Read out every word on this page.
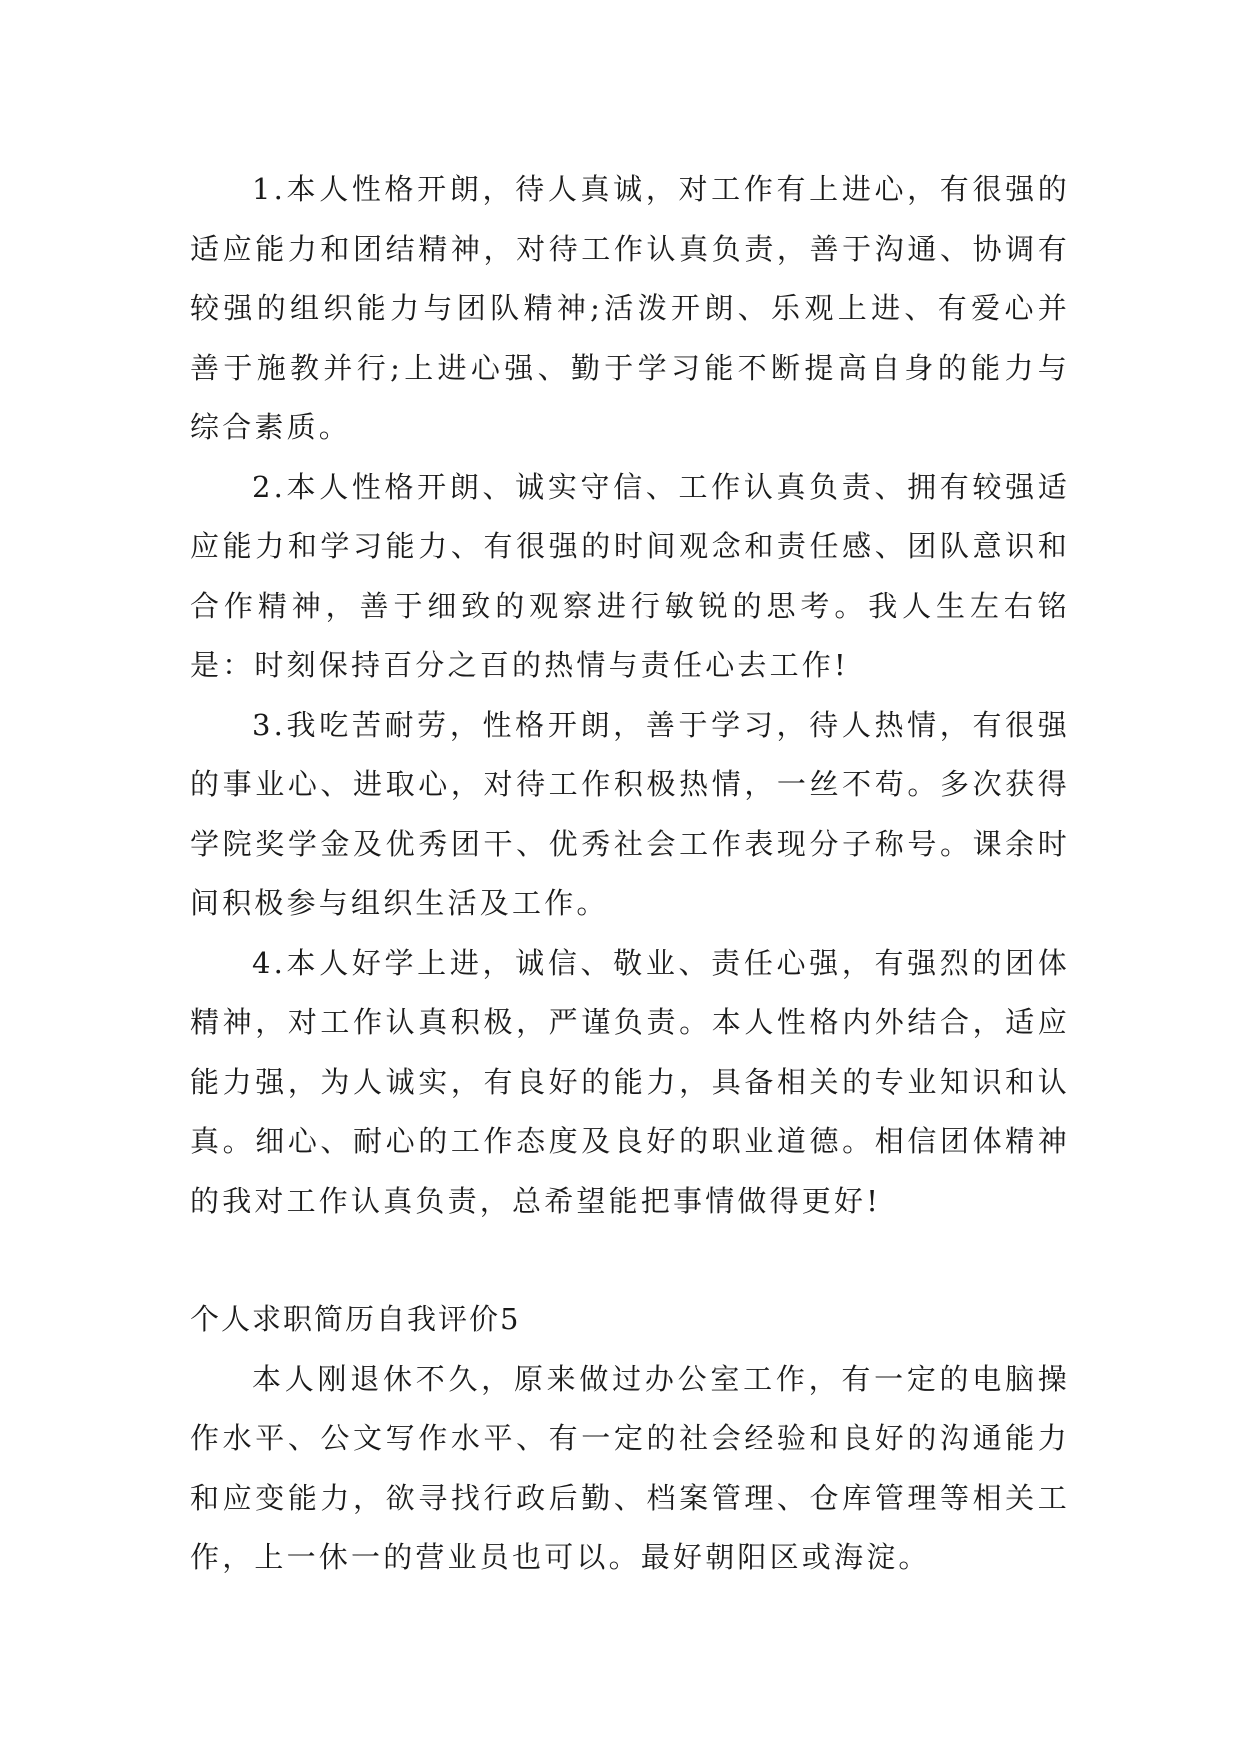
1.本人性格开朗，待人真诚，对工作有上进心，有很强的适应能力和团结精神，对待工作认真负责，善于沟通、协调有较强的组织能力与团队精神;活泼开朗、乐观上进、有爱心并善于施教并行;上进心强、勤于学习能不断提高自身的能力与综合素质。

2.本人性格开朗、诚实守信、工作认真负责、拥有较强适应能力和学习能力、有很强的时间观念和责任感、团队意识和合作精神，善于细致的观察进行敏锐的思考。我人生左右铭是：时刻保持百分之百的热情与责任心去工作!

3.我吃苦耐劳，性格开朗，善于学习，待人热情，有很强的事业心、进取心，对待工作积极热情，一丝不苟。多次获得学院奖学金及优秀团干、优秀社会工作表现分子称号。课余时间积极参与组织生活及工作。

4.本人好学上进，诚信、敬业、责任心强，有强烈的团体精神，对工作认真积极，严谨负责。本人性格内外结合，适应能力强，为人诚实，有良好的能力，具备相关的专业知识和认真。细心、耐心的工作态度及良好的职业道德。相信团体精神的我对工作认真负责，总希望能把事情做得更好!

个人求职简历自我评价5

本人刚退休不久，原来做过办公室工作，有一定的电脑操作水平、公文写作水平、有一定的社会经验和良好的沟通能力和应变能力，欲寻找行政后勤、档案管理、仓库管理等相关工作，上一休一的营业员也可以。最好朝阳区或海淀。
